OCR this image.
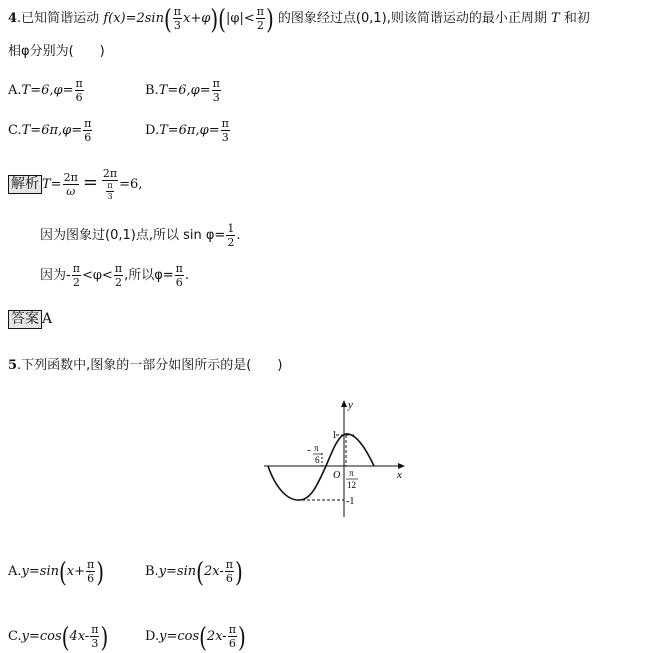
4.已知简谐运动 $f(x)=2\sin( \frac{\pi}{3} x+\varphi)(|\varphi|< \frac{\pi}{2}$ ) 的图象经过点(0,1),则该简谐运动的最小正周期 T 和初
相φ分别为(　　)
$A.T=6,\varphi= \frac{\pi}{6}$	$B.T=6,\varphi= \frac{\pi}{3}$
$C.T=6\pi,\varphi= \frac{\pi}{6}$	$D.T=6\pi,\varphi= \frac{\pi}{3}$
解析 $T= \frac{2\pi}{\omega} = \frac{2\pi}{\frac{\pi}{3}} =6$,
因为图象过(0,1)点,所以 $\sin \varphi= \frac{1}{2}$ .
因为- $\frac{\pi}{2} <\varphi< \frac{\pi}{2}$ ,所以$\varphi= \frac{\pi}{6}$ .
答案 A
5.下列函数中,图象的一部分如图所示的是(　　)
y
x
1
O
-1
- π
6
π
12
$A.y=\sin(x+ \frac{\pi}{6}$ )	$B.y=\sin(2x- \frac{\pi}{6}$ )
$C.y=\cos(4x- \frac{\pi}{3}$ )	$D.y=\cos(2x- \frac{\pi}{6}$ )
